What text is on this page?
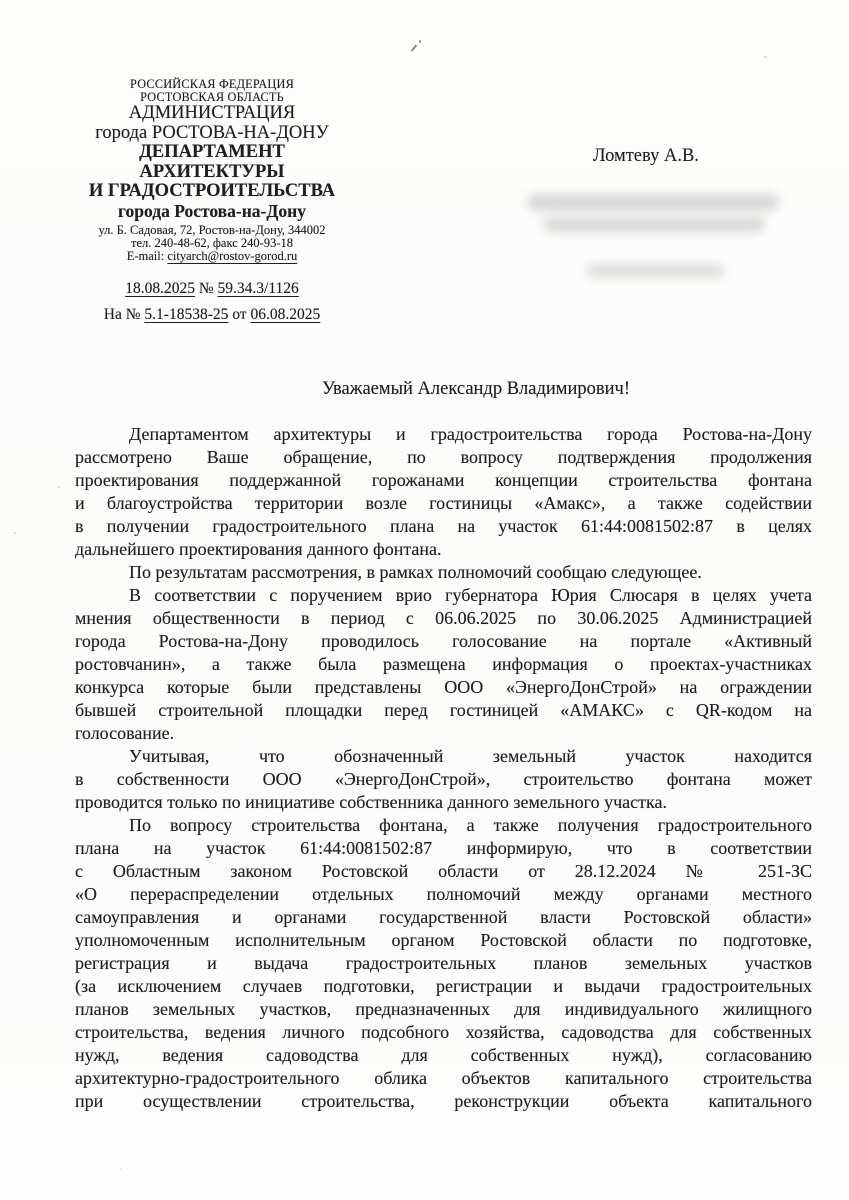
РОССИЙСКАЯ ФЕДЕРАЦИЯ
РОСТОВСКАЯ ОБЛАСТЬ
АДМИНИСТРАЦИЯ
города РОСТОВА-НА-ДОНУ
ДЕПАРТАМЕНТ
АРХИТЕКТУРЫ
И ГРАДОСТРОИТЕЛЬСТВА
города Ростова-на-Дону
ул. Б. Садовая, 72, Ростов-на-Дону, 344002
тел. 240-48-62, факс 240-93-18
E-mail: cityarch@rostov-gorod.ru
18.08.2025 № 59.34.3/1126
На № 5.1-18538-25 от 06.08.2025
Ломтеву А.В.
Уважаемый Александр Владимирович!
Департаментом архитектуры и градостроительства города Ростова-на-Дону
рассмотрено Ваше обращение, по вопросу подтверждения продолжения
проектирования поддержанной горожанами концепции строительства фонтана
и благоустройства территории возле гостиницы «Амакс», а также содействии
в получении градостроительного плана на участок 61:44:0081502:87 в целях
дальнейшего проектирования данного фонтана.
По результатам рассмотрения, в рамках полномочий сообщаю следующее.
В соответствии с поручением врио губернатора Юрия Слюсаря в целях учета
мнения общественности в период с 06.06.2025 по 30.06.2025 Администрацией
города Ростова-на-Дону проводилось голосование на портале «Активный
ростовчанин», а также была размещена информация о проектах-участниках
конкурса которые были представлены ООО «ЭнергоДонСтрой» на ограждении
бывшей строительной площадки перед гостиницей «АМАКС» с QR-кодом на
голосование.
Учитывая, что обозначенный земельный участок находится
в собственности ООО «ЭнергоДонСтрой», строительство фонтана может
проводится только по инициативе собственника данного земельного участка.
По вопросу строительства фонтана, а также получения градостроительного
плана на участок 61:44:0081502:87 информирую, что в соответствии
с Областным законом Ростовской области от 28.12.2024 № 251-ЗС
«О перераспределении отдельных полномочий между органами местного
самоуправления и органами государственной власти Ростовской области»
уполномоченным исполнительным органом Ростовской области по подготовке,
регистрация и выдача градостроительных планов земельных участков
(за исключением случаев подготовки, регистрации и выдачи градостроительных
планов земельных участков, предназначенных для индивидуального жилищного
строительства, ведения личного подсобного хозяйства, садоводства для собственных
нужд, ведения садоводства для собственных нужд), согласованию
архитектурно-градостроительного облика объектов капитального строительства
при осуществлении строительства, реконструкции объекта капитального
